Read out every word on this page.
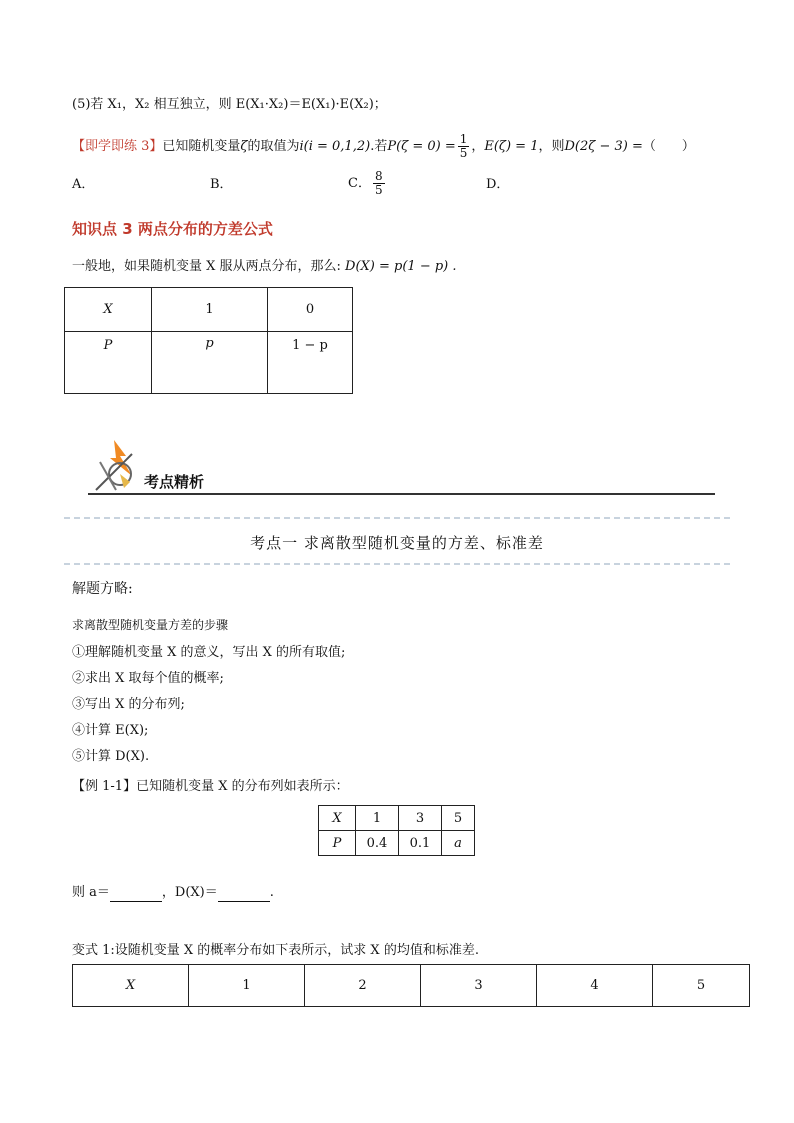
(5)若 X₁，X₂ 相互独立，则 E(X₁·X₂)＝E(X₁)·E(X₂)；
【即学即练 3】 已知随机变量 ζ 的取值为 i(i = 0,1,2) .若 $P(\zeta = 0) = \frac{1}{5}$ ， E(ζ) = 1 ，则 D(2ζ − 3) = （　　）
A．	B．	C． $\frac{8}{5}$	D．
知识点 3 两点分布的方差公式
一般地，如果随机变量 X 服从两点分布，那么: D(X) = p(1 − p) .
X	1	0
P	p	1 − p
考点精析
考点一 求离散型随机变量的方差、标准差
解题方略:
求离散型随机变量方差的步骤
①理解随机变量 X 的意义，写出 X 的所有取值;
②求出 X 取每个值的概率;
③写出 X 的分布列;
④计算 E(X);
⑤计算 D(X).
【例 1-1】已知随机变量 X 的分布列如表所示：
X	1	3	5
P	0.4	0.1	a
则 a＝	，D(X)＝	.
变式 1:设随机变量 X 的概率分布如下表所示，试求 X 的均值和标准差.
X	1	2	3	4	5
